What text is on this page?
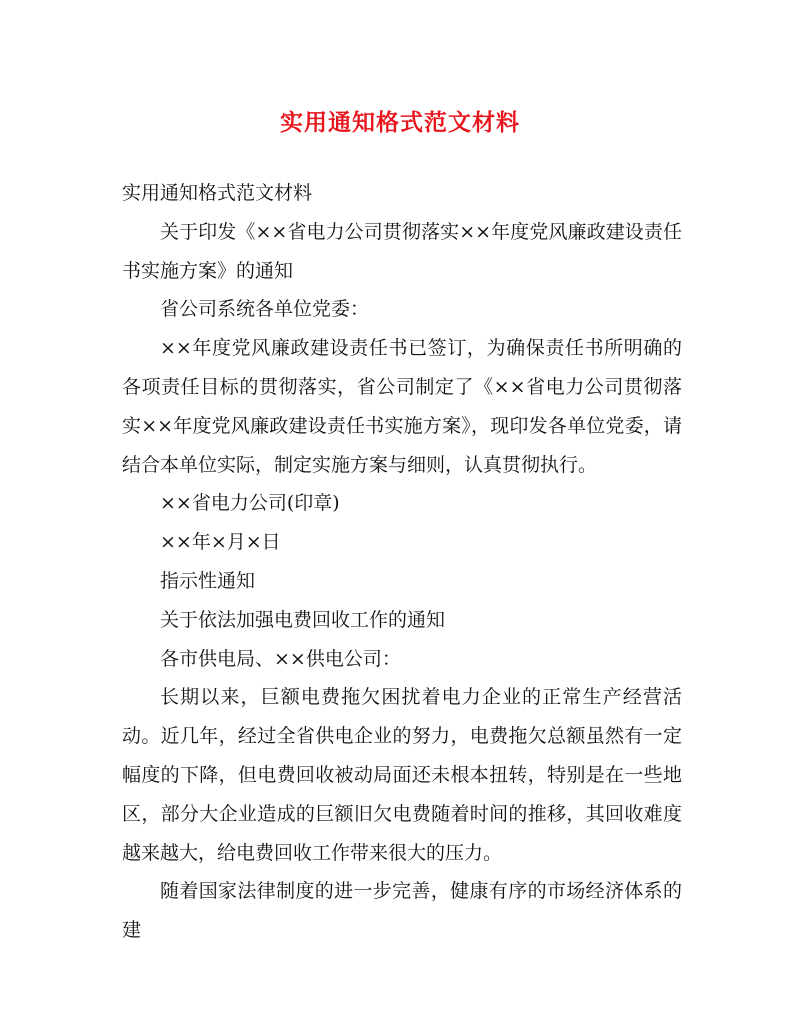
实用通知格式范文材料

实用通知格式范文材料

关于印发《××省电力公司贯彻落实××年度党风廉政建设责任书实施方案》的通知

省公司系统各单位党委：

××年度党风廉政建设责任书已签订，为确保责任书所明确的各项责任目标的贯彻落实，省公司制定了《××省电力公司贯彻落实××年度党风廉政建设责任书实施方案》，现印发各单位党委，请结合本单位实际，制定实施方案与细则，认真贯彻执行。

××省电力公司(印章)

××年×月×日

指示性通知

关于依法加强电费回收工作的通知

各市供电局、××供电公司：

长期以来，巨额电费拖欠困扰着电力企业的正常生产经营活动。近几年，经过全省供电企业的努力，电费拖欠总额虽然有一定幅度的下降，但电费回收被动局面还未根本扭转，特别是在一些地区，部分大企业造成的巨额旧欠电费随着时间的推移，其回收难度越来越大，给电费回收工作带来很大的压力。

随着国家法律制度的进一步完善，健康有序的市场经济体系的建
